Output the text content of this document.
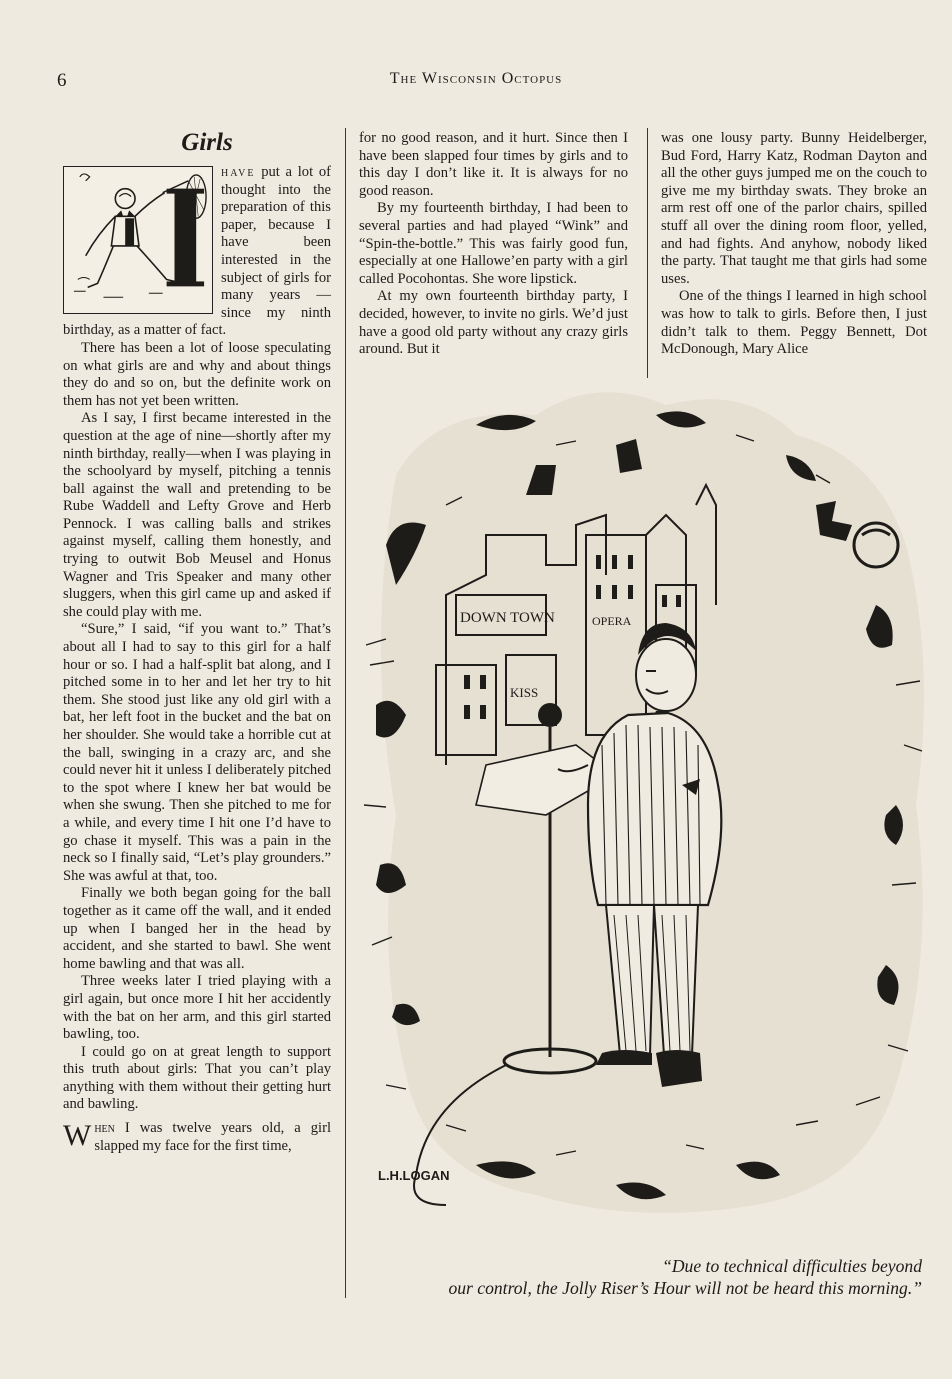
6	The Wisconsin Octopus
Girls
I

have put a lot of thought into the preparation of this paper, because I have been interested in the subject of girls for many years — since my ninth birthday, as a matter of fact.

There has been a lot of loose speculating on what girls are and why and about things they do and so on, but the definite work on them has not yet been written.

As I say, I first became interested in the question at the age of nine—shortly after my ninth birthday, really—when I was playing in the schoolyard by myself, pitching a tennis ball against the wall and pretending to be Rube Waddell and Lefty Grove and Herb Pennock. I was calling balls and strikes against myself, calling them honestly, and trying to outwit Bob Meusel and Honus Wagner and Tris Speaker and many other sluggers, when this girl came up and asked if she could play with me.

“Sure,” I said, “if you want to.” That’s about all I had to say to this girl for a half hour or so. I had a half-split bat along, and I pitched some in to her and let her try to hit them. She stood just like any old girl with a bat, her left foot in the bucket and the bat on her shoulder. She would take a horrible cut at the ball, swinging in a crazy arc, and she could never hit it unless I deliberately pitched to the spot where I knew her bat would be when she swung. Then she pitched to me for a while, and every time I hit one I’d have to go chase it myself. This was a pain in the neck so I finally said, “Let’s play grounders.” She was awful at that, too.

Finally we both began going for the ball together as it came off the wall, and it ended up when I banged her in the head by accident, and she started to bawl. She went home bawling and that was all.

Three weeks later I tried playing with a girl again, but once more I hit her accidently with the bat on her arm, and this girl started bawling, too.

I could go on at great length to support this truth about girls: That you can’t play anything with them without their getting hurt and bawling.

When I was twelve years old, a girl slapped my face for the first time,

for no good reason, and it hurt. Since then I have been slapped four times by girls and to this day I don’t like it. It is always for no good reason.

By my fourteenth birthday, I had been to several parties and had played “Wink” and “Spin-the-bottle.” This was fairly good fun, especially at one Hallowe’en party with a girl called Pocohontas. She wore lipstick.

At my own fourteenth birthday party, I decided, however, to invite no girls. We’d just have a good old party without any crazy girls around. But it

was one lousy party. Bunny Heidelberger, Bud Ford, Harry Katz, Rodman Dayton and all the other guys jumped me on the couch to give me my birthday swats. They broke an arm rest off one of the parlor chairs, spilled stuff all over the dining room floor, yelled, and had fights. And anyhow, nobody liked the party. That taught me that girls had some uses.

One of the things I learned in high school was how to talk to girls. Before then, I just didn’t talk to them. Peggy Bennett, Dot McDonough, Mary Alice

DOWN TOWN	OPERA
KISS
L.H.LOGAN
“Due to technical difficulties beyond
our control, the Jolly Riser’s Hour will not be heard this morning.”
